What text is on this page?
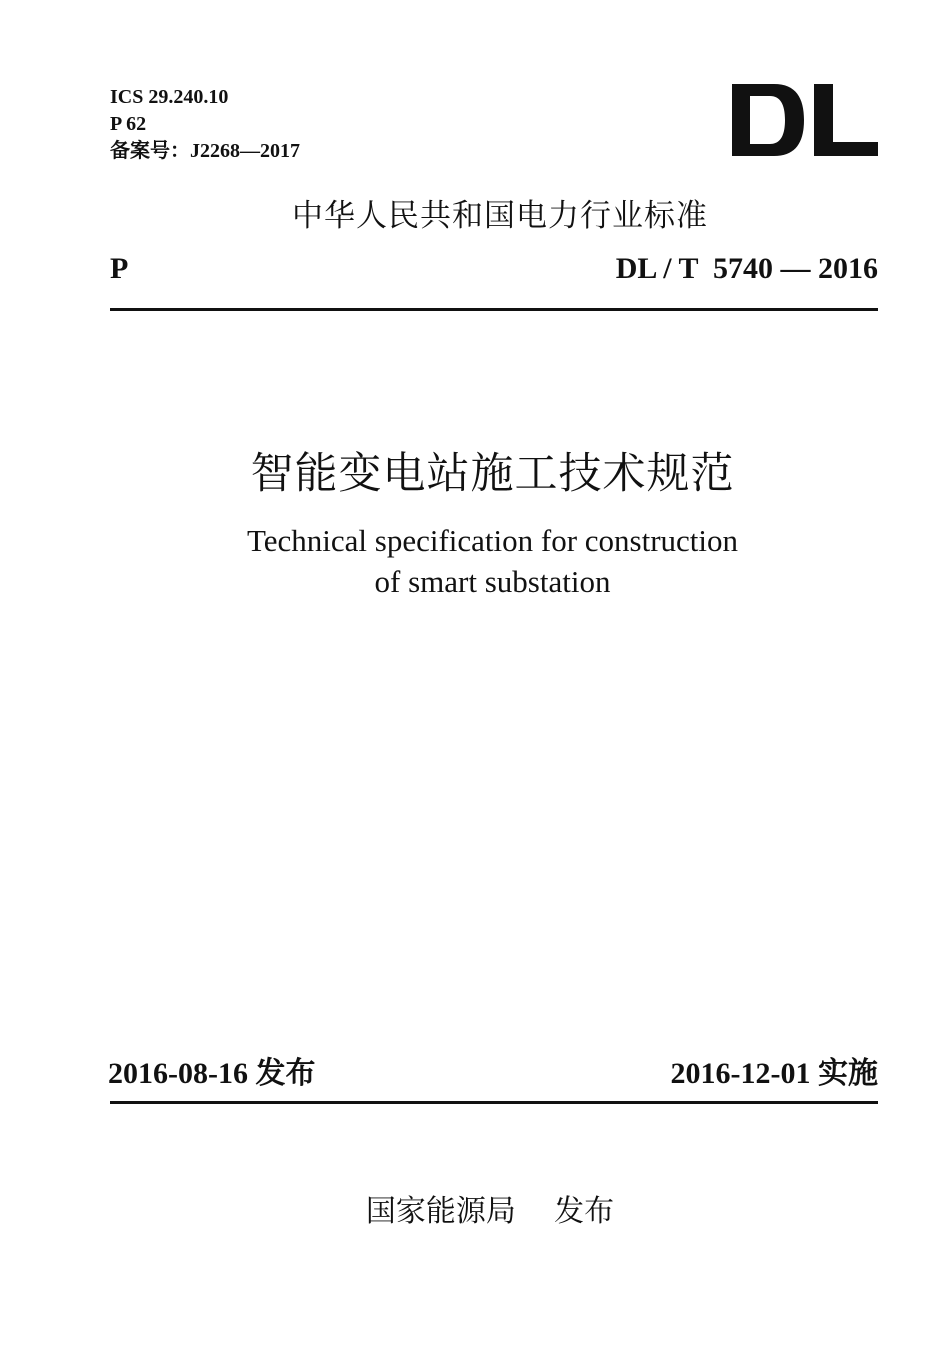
ICS 29.240.10
P 62
备案号：J2268—2017
DL
中华人民共和国电力行业标准
P	DL / T  5740 — 2016
智能变电站施工技术规范
Technical specification for construction
of smart substation
2016-08-16 发布	2016-12-01 实施
国家能源局    发布
